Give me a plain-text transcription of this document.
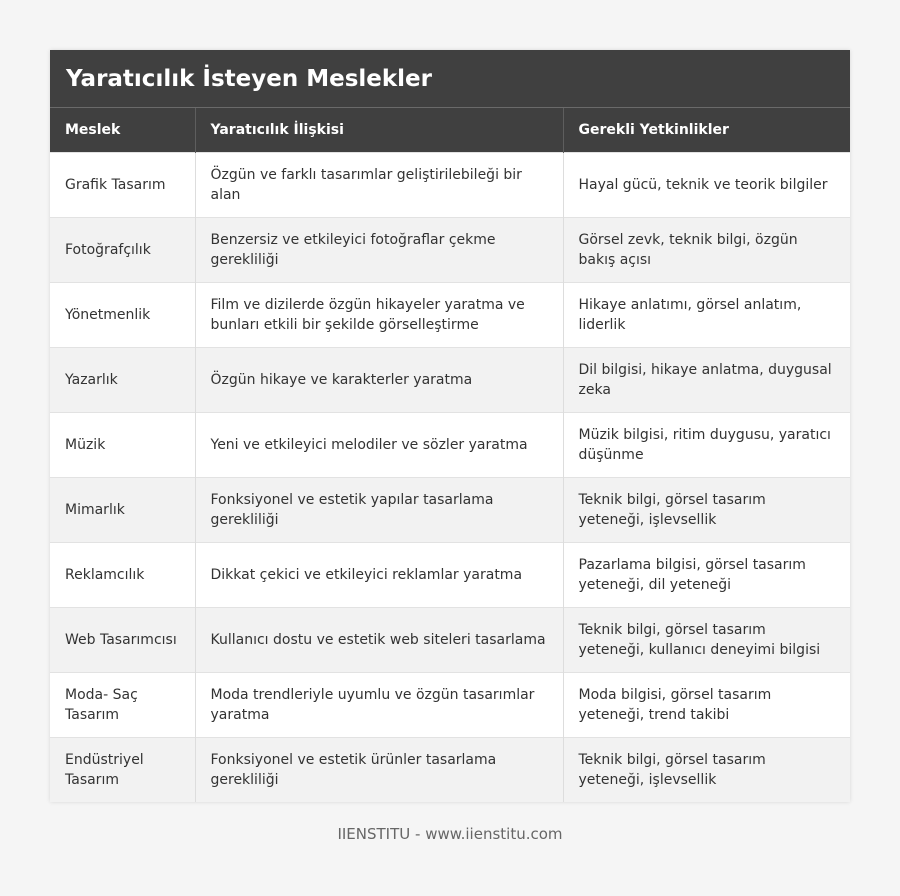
Yaratıcılık İsteyen Meslekler
Meslek	Yaratıcılık İlişkisi	Gerekli Yetkinlikler
Grafik Tasarım	Özgün ve farklı tasarımlar geliştirilebileği bir alan	Hayal gücü, teknik ve teorik bilgiler
Fotoğrafçılık	Benzersiz ve etkileyici fotoğraflar çekme gerekliliği	Görsel zevk, teknik bilgi, özgün bakış açısı
Yönetmenlik	Film ve dizilerde özgün hikayeler yaratma ve bunları etkili bir şekilde görselleştirme	Hikaye anlatımı, görsel anlatım, liderlik
Yazarlık	Özgün hikaye ve karakterler yaratma	Dil bilgisi, hikaye anlatma, duygusal zeka
Müzik	Yeni ve etkileyici melodiler ve sözler yaratma	Müzik bilgisi, ritim duygusu, yaratıcı düşünme
Mimarlık	Fonksiyonel ve estetik yapılar tasarlama gerekliliği	Teknik bilgi, görsel tasarım yeteneği, işlevsellik
Reklamcılık	Dikkat çekici ve etkileyici reklamlar yaratma	Pazarlama bilgisi, görsel tasarım yeteneği, dil yeteneği
Web Tasarımcısı	Kullanıcı dostu ve estetik web siteleri tasarlama	Teknik bilgi, görsel tasarım yeteneği, kullanıcı deneyimi bilgisi
Moda- Saç Tasarım	Moda trendleriyle uyumlu ve özgün tasarımlar yaratma	Moda bilgisi, görsel tasarım yeteneği, trend takibi
Endüstriyel Tasarım	Fonksiyonel ve estetik ürünler tasarlama gerekliliği	Teknik bilgi, görsel tasarım yeteneği, işlevsellik
IIENSTITU - www.iienstitu.com
